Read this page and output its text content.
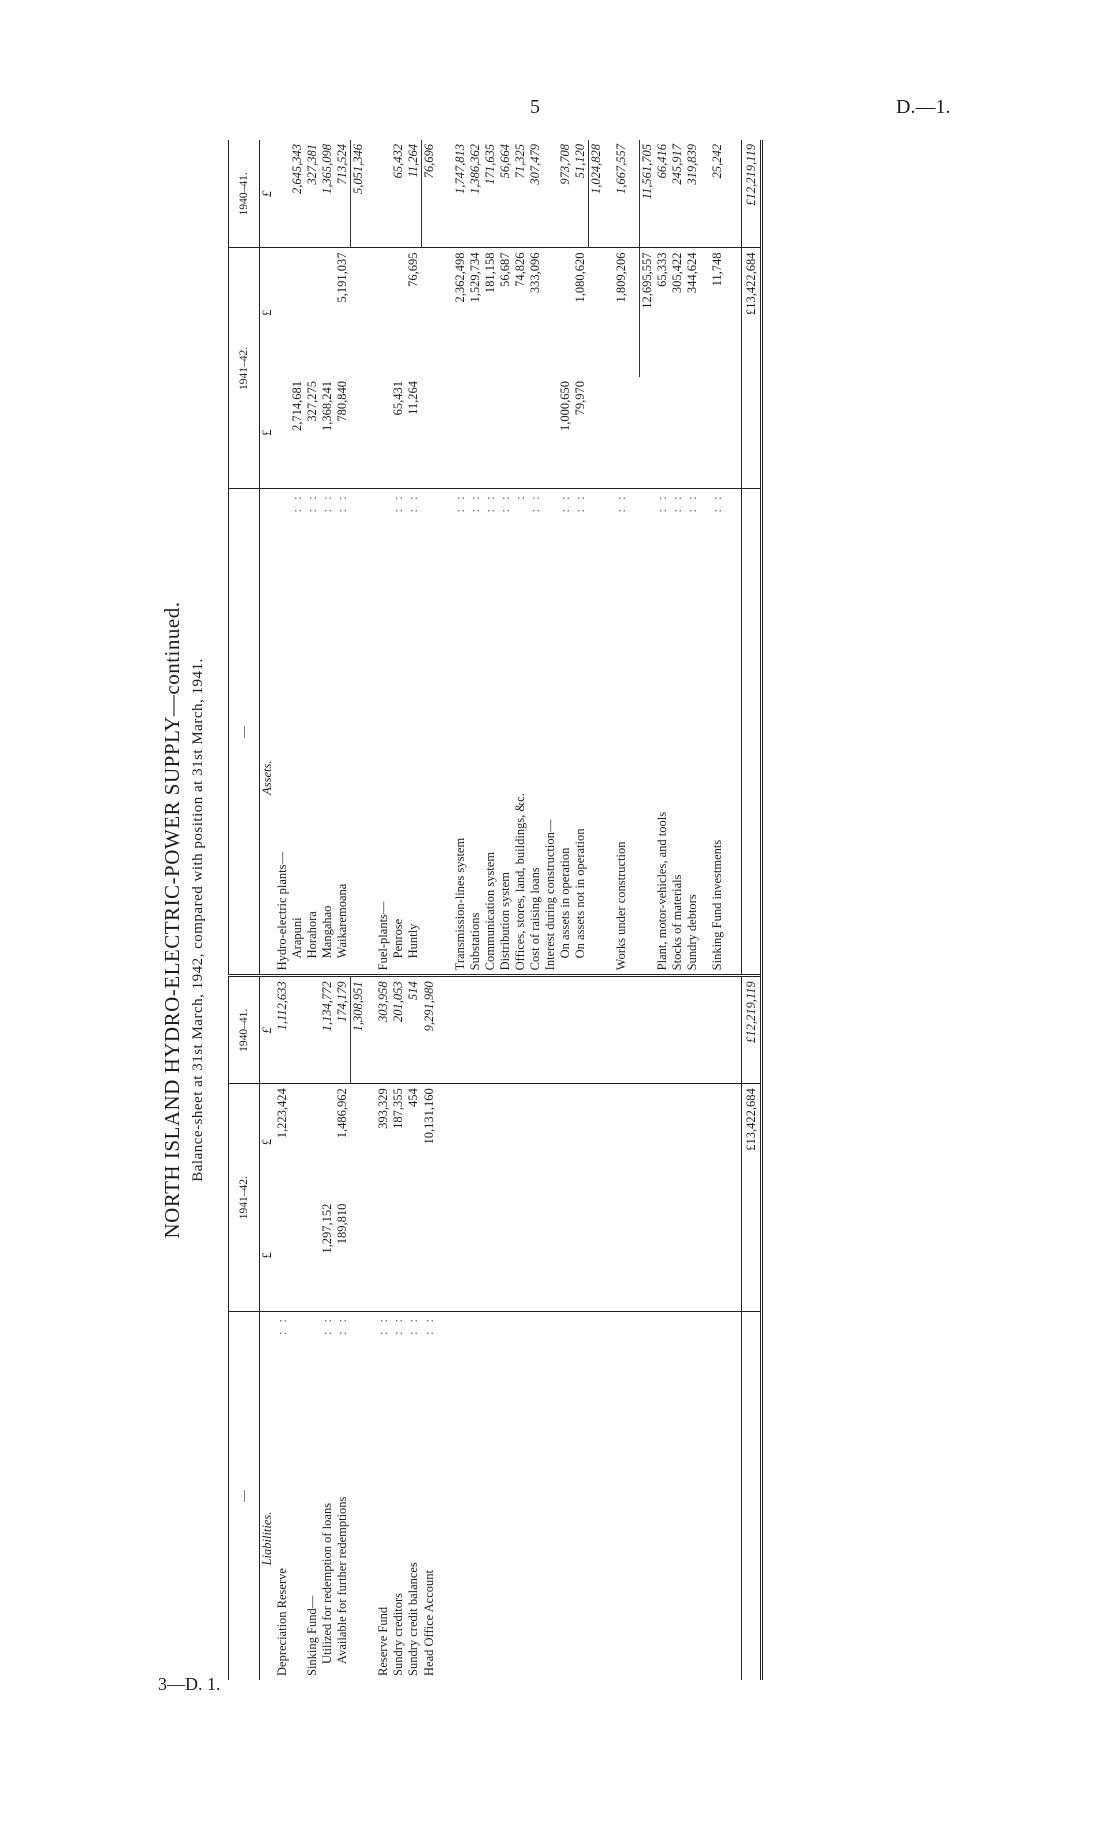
5	D.—1.
3—D. 1.
NORTH ISLAND HYDRO-ELECTRIC-POWER SUPPLY—continued. Balance-sheet at 31st March, 1942, compared with position at 31st March, 1941.
—		1941–42.		1940–41.	—		1941–42.		1940–41.
Liabilities.		£	£	£	Assets.		£	£	£
Depreciation Reserve	: :		1,223,424	1,112,633	Hydro-electric plants—				
					Arapuni	: :	2,714,681		2,645,343
Sinking Fund—					Horahora	: :	327,275		327,381
Utilized for redemption of loans	: :	1,297,152		1,134,772	Mangahao	: :	1,368,241		1,365,098
Available for further redemptions	: :	189,810	1,486,962	174,179	Waikaremoana	: :	780,840	5,191,037	713,524
				1,308,951					5,051,346

Reserve Fund	: :		393,329	303,958	Fuel-plants—				
Sundry creditors	: :		187,355	201,053	Penrose	: :	65,431		65,432
Sundry credit balances	: :		454	514	Huntly	: :	11,264	76,695	11,264
Head Office Account	: :		10,131,160	9,291,980					76,696

					Transmission-lines system	: :		2,362,498	1,747,813
					Substations	: :		1,529,734	1,386,362
					Communication system	: :		181,158	171,635
					Distribution system	: :		56,687	56,664
					Offices, stores, land, buildings, &c.	:		74,826	71,325
					Cost of raising loans	: :		333,096	307,479
					Interest during construction—				
					On assets in operation	: :	1,000,650		973,708
					On assets not in operation	: :	79,970	1,080,620	51,120
									1,024,828

					Works under construction	: :		1,809,206	1,667,557

								12,695,557	11,561,705
					Plant, motor-vehicles, and tools	: :		65,333	66,416
					Stocks of materials	: :		305,422	245,917
					Sundry debtors	: :		344,624	319,839

					Sinking Fund investments	: :		11,748	25,242

			£13,422,684	£12,219,119				£13,422,684	£12,219,119
